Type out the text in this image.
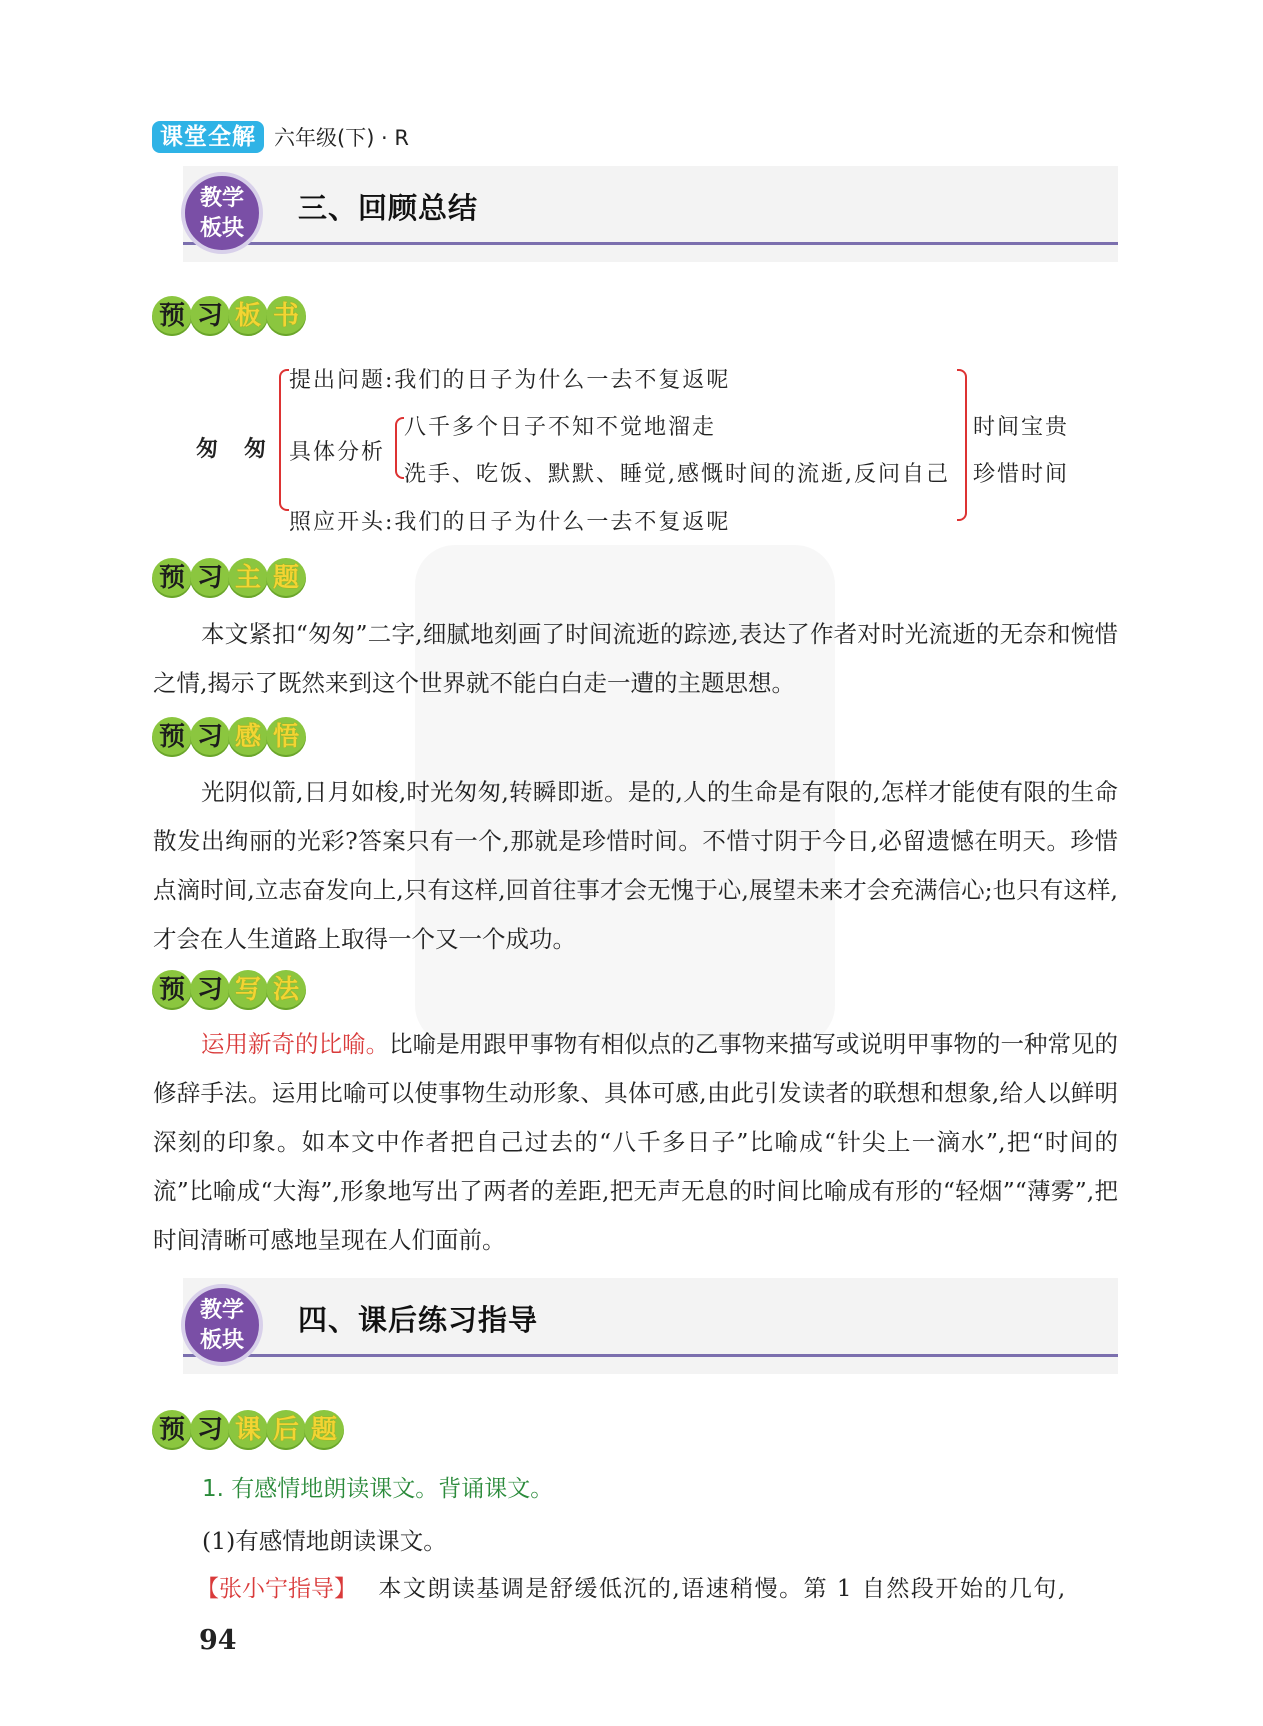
课堂全解 六年级(下) · R
教学
板块
三、回顾总结
预 习 板 书
匆　匆
提出问题:我们的日子为什么一去不复返呢
具体分析
八千多个日子不知不觉地溜走
洗手、吃饭、默默、睡觉,感慨时间的流逝,反问自己
照应开头:我们的日子为什么一去不复返呢
时间宝贵
珍惜时间
预 习 主 题
本文紧扣“匆匆”二字,细腻地刻画了时间流逝的踪迹,表达了作者对时光流逝的无奈和惋惜之情,揭示了既然来到这个世界就不能白白走一遭的主题思想。
预 习 感 悟
光阴似箭,日月如梭,时光匆匆,转瞬即逝。是的,人的生命是有限的,怎样才能使有限的生命散发出绚丽的光彩?答案只有一个,那就是珍惜时间。不惜寸阴于今日,必留遗憾在明天。珍惜点滴时间,立志奋发向上,只有这样,回首往事才会无愧于心,展望未来才会充满信心;也只有这样,才会在人生道路上取得一个又一个成功。
预 习 写 法
运用新奇的比喻。比喻是用跟甲事物有相似点的乙事物来描写或说明甲事物的一种常见的修辞手法。运用比喻可以使事物生动形象、具体可感,由此引发读者的联想和想象,给人以鲜明深刻的印象。如本文中作者把自己过去的“八千多日子”比喻成“针尖上一滴水”,把“时间的流”比喻成“大海”,形象地写出了两者的差距,把无声无息的时间比喻成有形的“轻烟”“薄雾”,把时间清晰可感地呈现在人们面前。
教学
板块
四、课后练习指导
预 习 课 后 题
1. 有感情地朗读课文。背诵课文。
(1)有感情地朗读课文。
【张小宁指导】 本文朗读基调是舒缓低沉的,语速稍慢。第 1 自然段开始的几句,
94
